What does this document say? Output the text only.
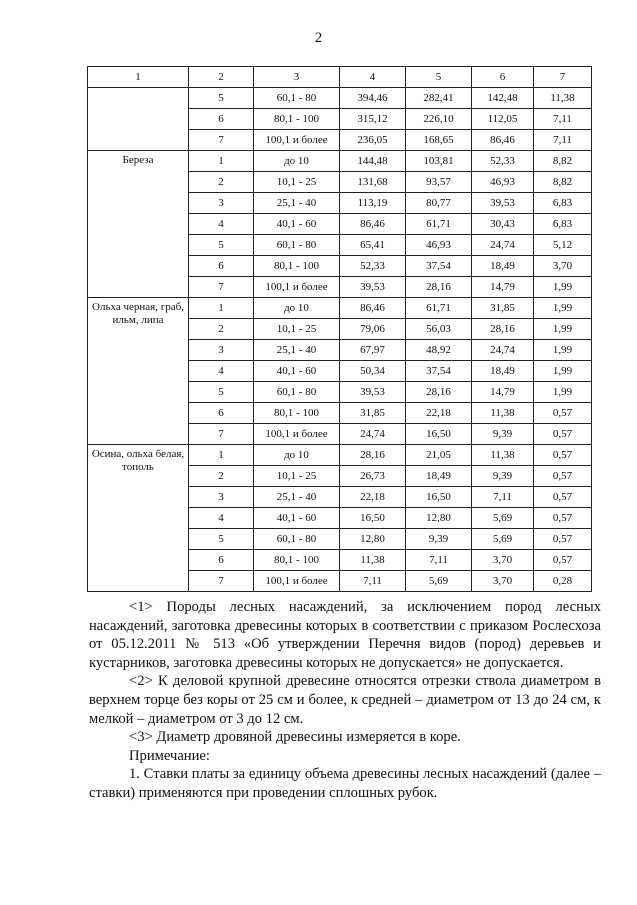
2
1	2	3	4	5	6	7
	5	60,1 - 80	394,46	282,41	142,48	11,38
	6	80,1 - 100	315,12	226,10	112,05	7,11
	7	100,1 и более	236,05	168,65	86,46	7,11
Береза	1	до 10	144,48	103,81	52,33	8,82
	2	10,1 - 25	131,68	93,57	46,93	8,82
	3	25,1 - 40	113,19	80,77	39,53	6,83
	4	40,1 - 60	86,46	61,71	30,43	6,83
	5	60,1 - 80	65,41	46,93	24,74	5,12
	6	80,1 - 100	52,33	37,54	18,49	3,70
	7	100,1 и более	39,53	28,16	14,79	1,99
Ольха черная, граб, ильм, липа	1	до 10	86,46	61,71	31,85	1,99
	2	10,1 - 25	79,06	56,03	28,16	1,99
	3	25,1 - 40	67,97	48,92	24,74	1,99
	4	40,1 - 60	50,34	37,54	18,49	1,99
	5	60,1 - 80	39,53	28,16	14,79	1,99
	6	80,1 - 100	31,85	22,18	11,38	0,57
	7	100,1 и более	24,74	16,50	9,39	0,57
Осина, ольха белая, тополь	1	до 10	28,16	21,05	11,38	0,57
	2	10,1 - 25	26,73	18,49	9,39	0,57
	3	25,1 - 40	22,18	16,50	7,11	0,57
	4	40,1 - 60	16,50	12,80	5,69	0,57
	5	60,1 - 80	12,80	9,39	5,69	0,57
	6	80,1 - 100	11,38	7,11	3,70	0,57
	7	100,1 и более	7,11	5,69	3,70	0,28

<1> Породы лесных насаждений, за исключением пород лесных насаждений, заготовка древесины которых в соответствии с приказом Рослесхоза от 05.12.2011 № 513 «Об утверждении Перечня видов (пород) деревьев и кустарников, заготовка древесины которых не допускается» не допускается.

<2> К деловой крупной древесине относятся отрезки ствола диаметром в верхнем торце без коры от 25 см и более, к средней – диаметром от 13 до 24 см, к мелкой – диаметром от 3 до 12 см.

<3> Диаметр дровяной древесины измеряется в коре.

Примечание:

1. Ставки платы за единицу объема древесины лесных насаждений (далее – ставки) применяются при проведении сплошных рубок.
